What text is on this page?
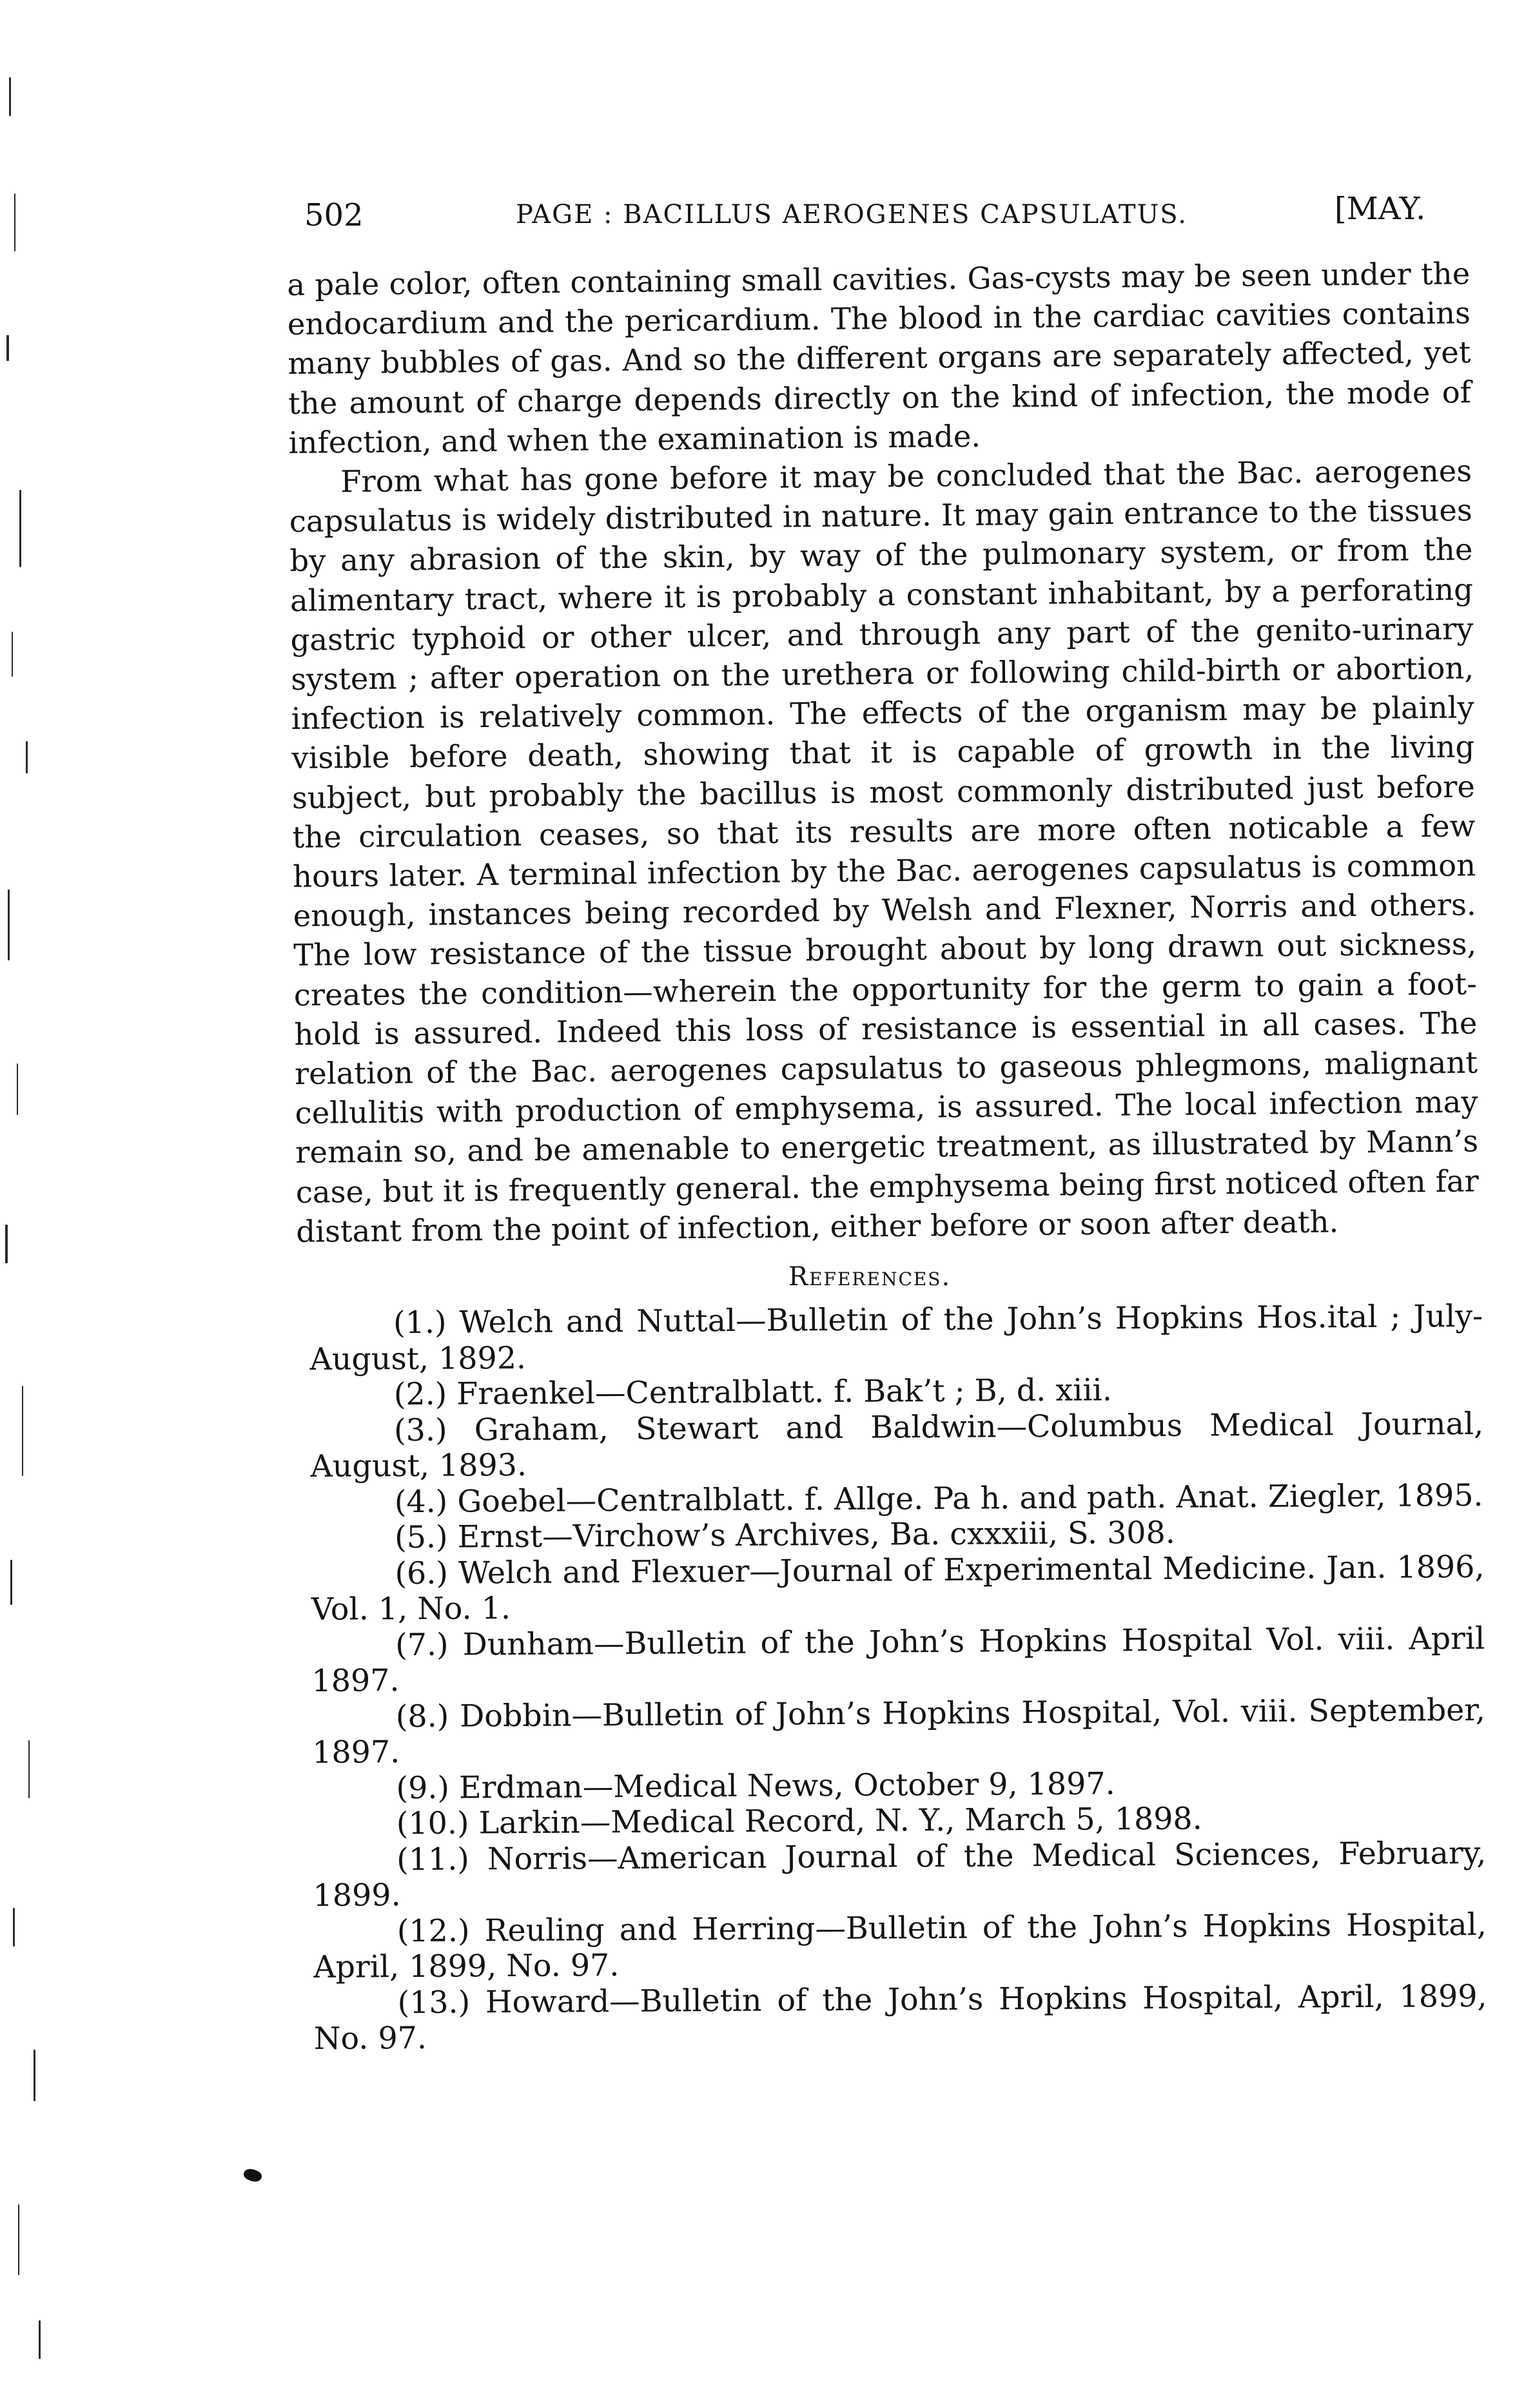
502	PAGE : BACILLUS AEROGENES CAPSULATUS.	[MAY.

a pale color, often containing small cavities. Gas-cysts may be seen under the endocardium and the pericardium. The blood in the cardiac cavities contains many bubbles of gas. And so the different organs are separately affected, yet the amount of charge depends directly on the kind of infection, the mode of infection, and when the examination is made.

From what has gone before it may be concluded that the Bac. aerogenes capsulatus is widely distributed in nature. It may gain entrance to the tissues by any abrasion of the skin, by way of the pulmonary system, or from the alimentary tract, where it is probably a constant inhabitant, by a perforating gastric typhoid or other ulcer, and through any part of the genito-urinary system ; after operation on the urethera or following child-birth or abortion, infection is relatively common. The effects of the organism may be plainly visible before death, showing that it is capable of growth in the living subject, but probably the bacillus is most commonly distributed just before the circulation ceases, so that its results are more often noticable a few hours later. A terminal infection by the Bac. aerogenes capsulatus is common enough, instances being recorded by Welsh and Flexner, Norris and others. The low resistance of the tissue brought about by long drawn out sickness, creates the condition—wherein the opportunity for the germ to gain a foot-hold is assured. Indeed this loss of resistance is essential in all cases. The relation of the Bac. aerogenes capsulatus to gaseous phlegmons, malignant cellulitis with production of emphysema, is assured. The local infection may remain so, and be amenable to energetic treatment, as illustrated by Mann’s case, but it is frequently general. the emphysema being first noticed often far distant from the point of infection, either before or soon after death.

References.

(1.) Welch and Nuttal—Bulletin of the John’s Hopkins Hos.ital ; July-August, 1892.

(2.) Fraenkel—Centralblatt. f. Bak’t ; B, d. xiii.

(3.) Graham, Stewart and Baldwin—Columbus Medical Journal, August, 1893.

(4.) Goebel—Centralblatt. f. Allge. Pa h. and path. Anat. Ziegler, 1895.

(5.) Ernst—Virchow’s Archives, Ba. cxxxiii, S. 308.

(6.) Welch and Flexuer—Journal of Experimental Medicine. Jan. 1896, Vol. 1, No. 1.

(7.) Dunham—Bulletin of the John’s Hopkins Hospital Vol. viii. April 1897.

(8.) Dobbin—Bulletin of John’s Hopkins Hospital, Vol. viii. September, 1897.

(9.) Erdman—Medical News, October 9, 1897.

(10.) Larkin—Medical Record, N. Y., March 5, 1898.

(11.) Norris—American Journal of the Medical Sciences, February, 1899.

(12.) Reuling and Herring—Bulletin of the John’s Hopkins Hospital, April, 1899, No. 97.

(13.) Howard—Bulletin of the John’s Hopkins Hospital, April, 1899, No. 97.
